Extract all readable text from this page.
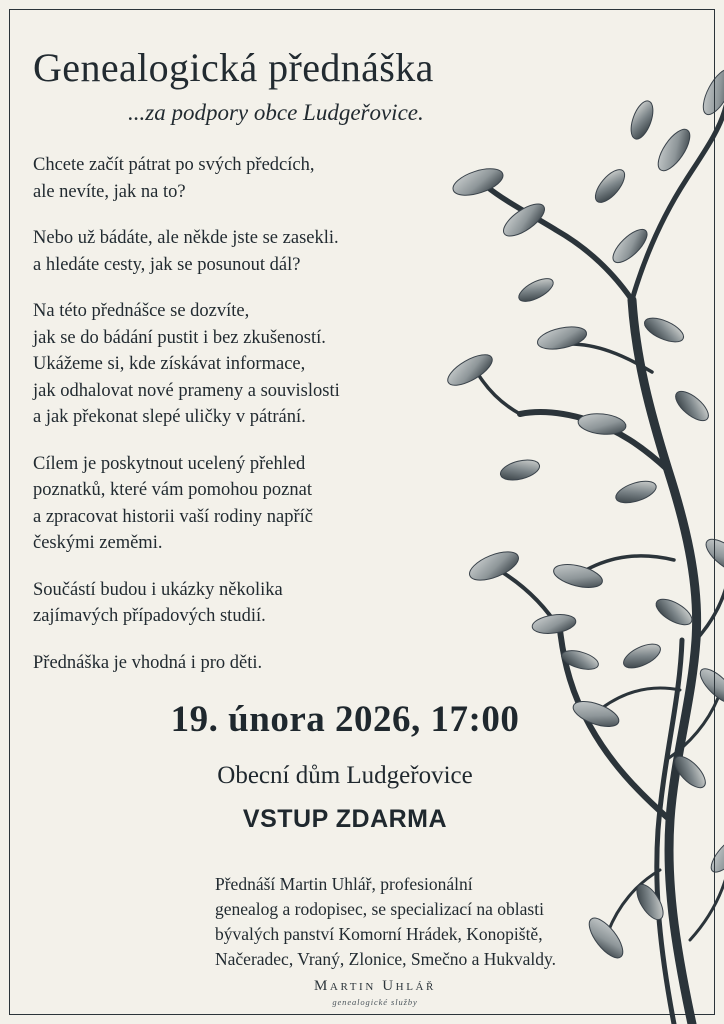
Genealogická přednáška
...za podpory obce Ludgeřovice.
Chcete začít pátrat po svých předcích,
ale nevíte, jak na to?
Nebo už bádáte, ale někde jste se zasekli.
a hledáte cesty, jak se posunout dál?
Na této přednášce se dozvíte,
jak se do bádání pustit i bez zkušeností.
Ukážeme si, kde získávat informace,
jak odhalovat nové prameny a souvislosti
a jak překonat slepé uličky v pátrání.
Cílem je poskytnout ucelený přehled
poznatků, které vám pomohou poznat
a zpracovat historii vaší rodiny napříč
českými zeměmi.
Součástí budou i ukázky několika
zajímavých případových studií.
Přednáška je vhodná i pro děti.
19. února 2026, 17:00
Obecní dům Ludgeřovice
VSTUP ZDARMA
Přednáší Martin Uhlář, profesionální
genealog a rodopisec, se specializací na oblasti
bývalých panství Komorní Hrádek, Konopiště,
Načeradec, Vraný, Zlonice, Smečno a Hukvaldy.
Martin Uhlář
genealogické služby
